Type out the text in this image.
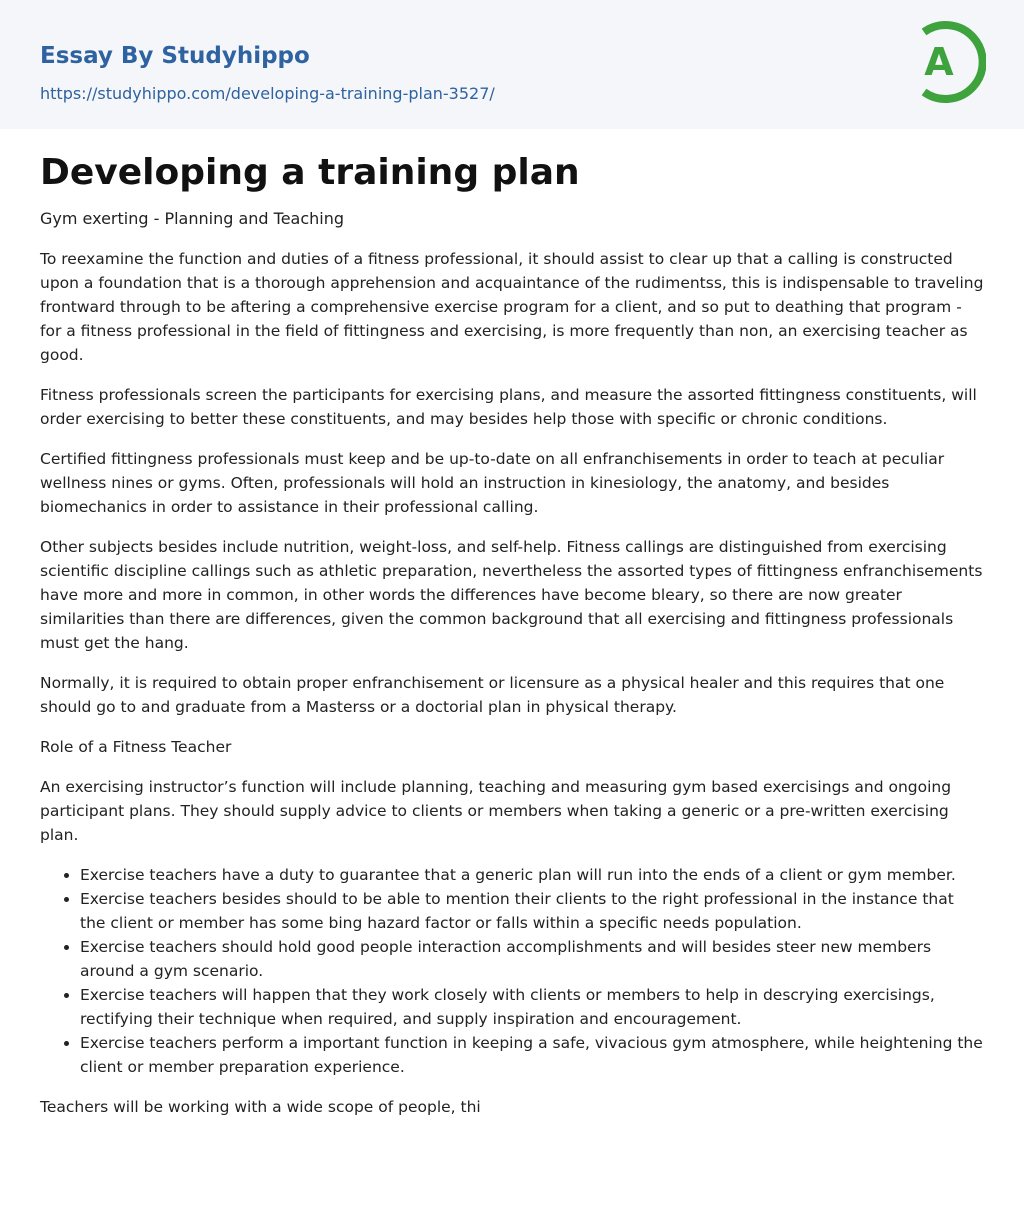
Essay By Studyhippo
https://studyhippo.com/developing-a-training-plan-3527/
A
Developing a training plan
Gym exerting - Planning and Teaching

To reexamine the function and duties of a fitness professional, it should assist to clear up that a calling is constructed upon a foundation that is a thorough apprehension and acquaintance of the rudimentss, this is indispensable to traveling frontward through to be aftering a comprehensive exercise program for a client, and so put to deathing that program - for a fitness professional in the field of fittingness and exercising, is more frequently than non, an exercising teacher as good.

Fitness professionals screen the participants for exercising plans, and measure the assorted fittingness constituents, will order exercising to better these constituents, and may besides help those with specific or chronic conditions.

Certified fittingness professionals must keep and be up-to-date on all enfranchisements in order to teach at peculiar wellness nines or gyms. Often, professionals will hold an instruction in kinesiology, the anatomy, and besides biomechanics in order to assistance in their professional calling.

Other subjects besides include nutrition, weight-loss, and self-help. Fitness callings are distinguished from exercising scientific discipline callings such as athletic preparation, nevertheless the assorted types of fittingness enfranchisements have more and more in common, in other words the differences have become bleary, so there are now greater similarities than there are differences, given the common background that all exercising and fittingness professionals must get the hang.

Normally, it is required to obtain proper enfranchisement or licensure as a physical healer and this requires that one should go to and graduate from a Masterss or a doctorial plan in physical therapy.

Role of a Fitness Teacher

An exercising instructor’s function will include planning, teaching and measuring gym based exercisings and ongoing participant plans. They should supply advice to clients or members when taking a generic or a pre-written exercising plan.

• Exercise teachers have a duty to guarantee that a generic plan will run into the ends of a client or gym member.
• Exercise teachers besides should to be able to mention their clients to the right professional in the instance that the client or member has some bing hazard factor or falls within a specific needs population.
• Exercise teachers should hold good people interaction accomplishments and will besides steer new members around a gym scenario.
• Exercise teachers will happen that they work closely with clients or members to help in descrying exercisings, rectifying their technique when required, and supply inspiration and encouragement.
• Exercise teachers perform a important function in keeping a safe, vivacious gym atmosphere, while heightening the client or member preparation experience.

Teachers will be working with a wide scope of people, thi
